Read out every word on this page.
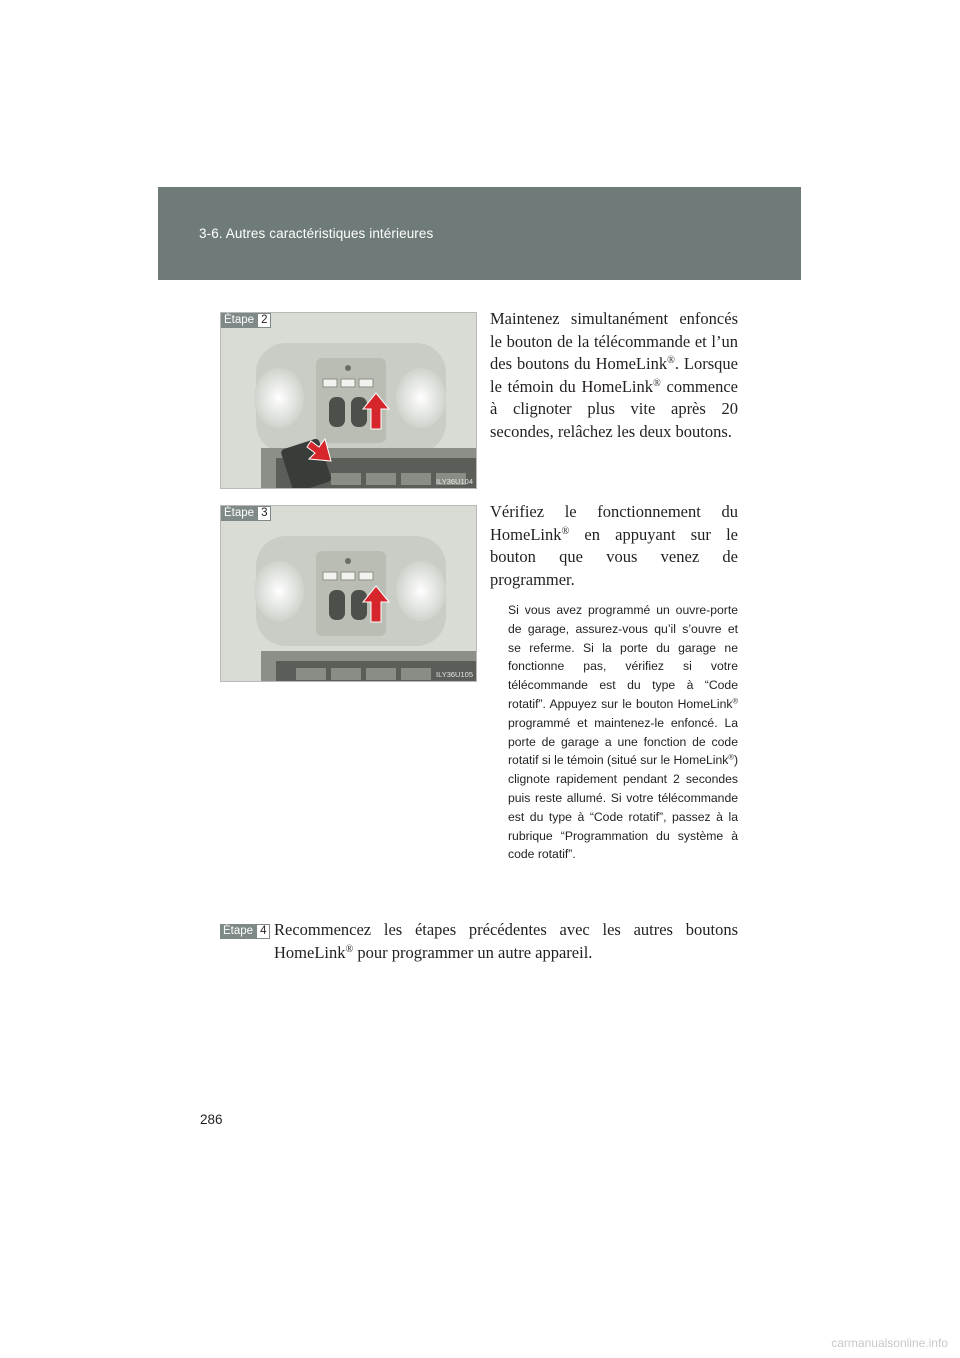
3-6. Autres caractéristiques intérieures
Étape 2
ILY36U104
Maintenez simultanément enfoncés le bouton de la télécommande et l’un des boutons du HomeLink®. Lorsque le témoin du HomeLink® commence à clignoter plus vite après 20 secondes, relâchez les deux boutons.
Étape 3
ILY36U105
Vérifiez le fonctionnement du HomeLink® en appuyant sur le bouton que vous venez de programmer.
Si vous avez programmé un ouvre-porte de garage, assurez-vous qu’il s’ouvre et se referme. Si la porte du garage ne fonctionne pas, vérifiez si votre télécommande est du type à “Code rotatif”. Appuyez sur le bouton HomeLink® programmé et maintenez-le enfoncé. La porte de garage a une fonction de code rotatif si le témoin (situé sur le HomeLink®) clignote rapidement pendant 2 secondes puis reste allumé. Si votre télécommande est du type à “Code rotatif”, passez à la rubrique “Programmation du système à code rotatif”.
Étape 4 Recommencez les étapes précédentes avec les autres boutons HomeLink® pour programmer un autre appareil.
286
carmanualsonline.info
